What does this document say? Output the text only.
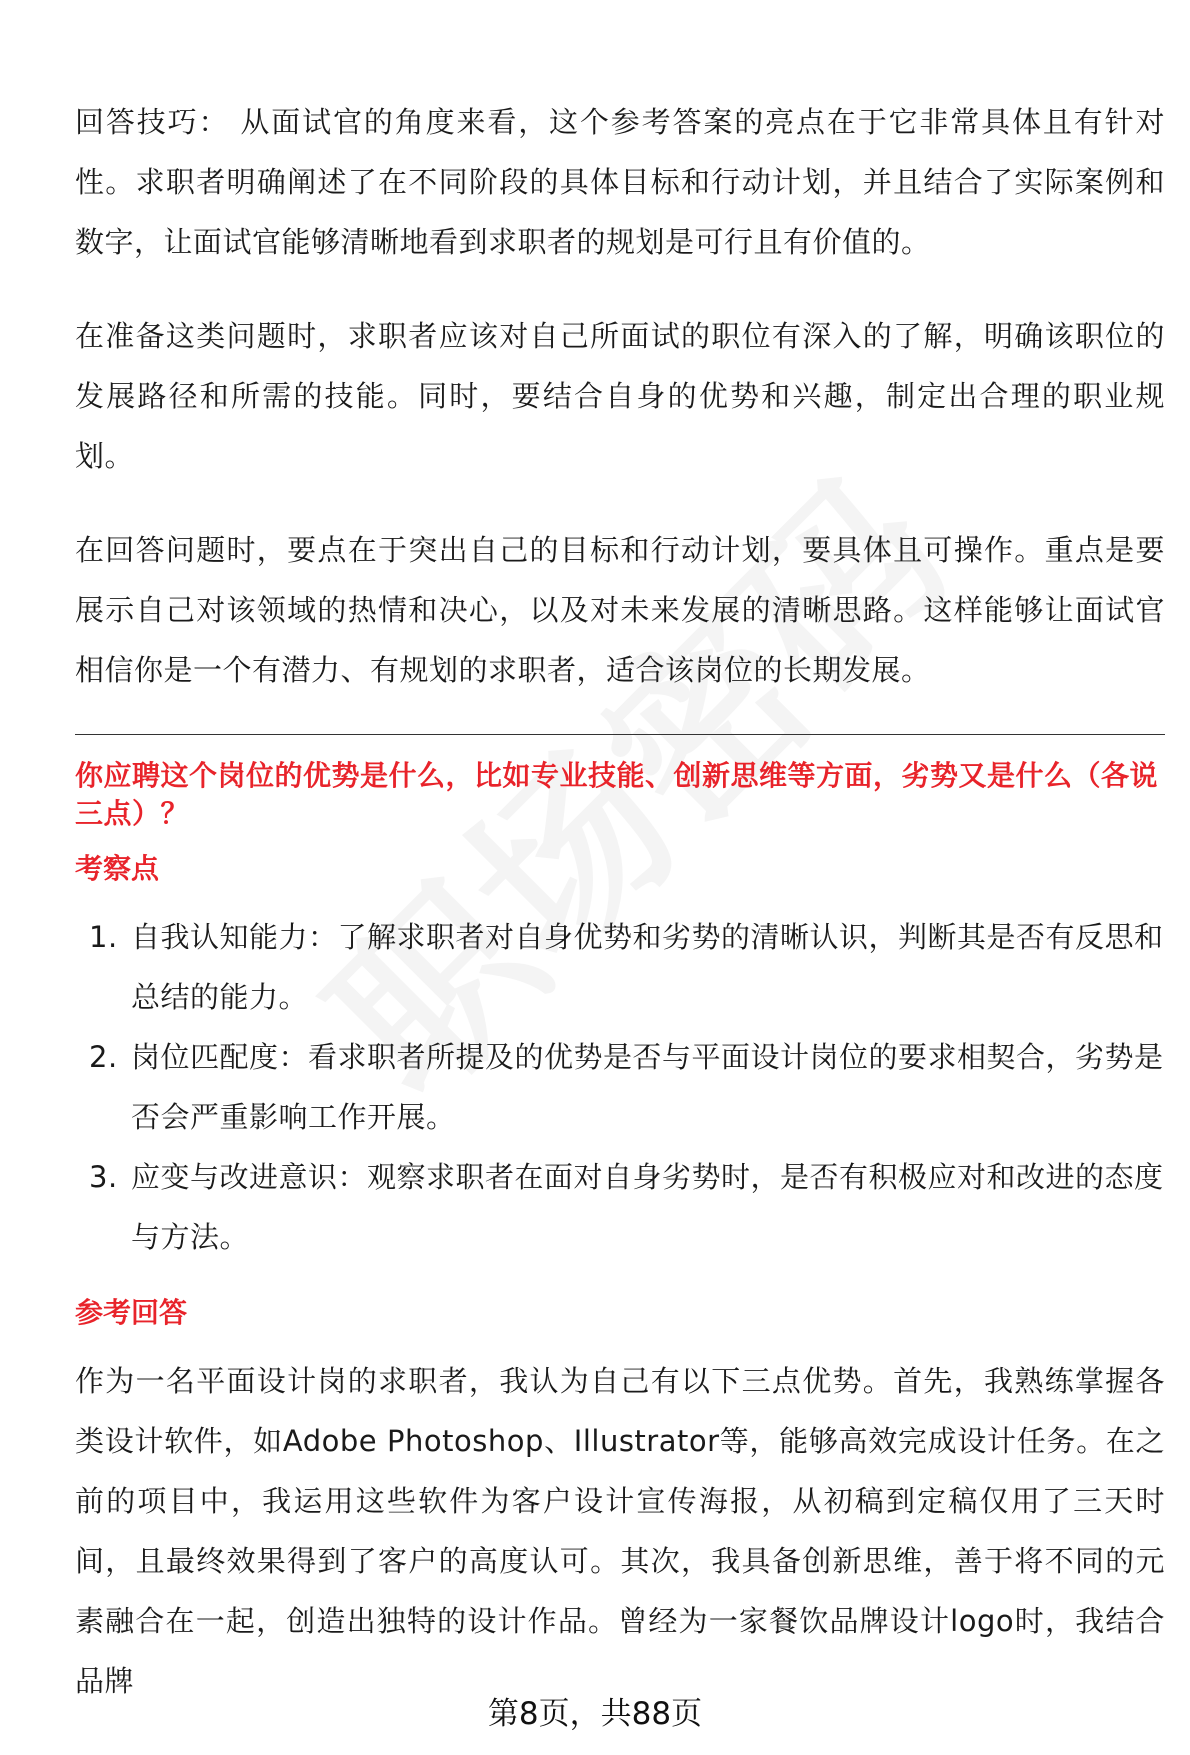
回答技巧： 从面试官的角度来看，这个参考答案的亮点在于它非常具体且有针对性。求职者明确阐述了在不同阶段的具体目标和行动计划，并且结合了实际案例和数字，让面试官能够清晰地看到求职者的规划是可行且有价值的。

在准备这类问题时，求职者应该对自己所面试的职位有深入的了解，明确该职位的发展路径和所需的技能。同时，要结合自身的优势和兴趣，制定出合理的职业规划。

在回答问题时，要点在于突出自己的目标和行动计划，要具体且可操作。重点是要展示自己对该领域的热情和决心，以及对未来发展的清晰思路。这样能够让面试官相信你是一个有潜力、有规划的求职者，适合该岗位的长期发展。

你应聘这个岗位的优势是什么，比如专业技能、创新思维等方面，劣势又是什么（各说三点）？
考察点
1. 自我认知能力：了解求职者对自身优势和劣势的清晰认识，判断其是否有反思和总结的能力。
2. 岗位匹配度：看求职者所提及的优势是否与平面设计岗位的要求相契合，劣势是否会严重影响工作开展。
3. 应变与改进意识：观察求职者在面对自身劣势时，是否有积极应对和改进的态度与方法。
参考回答

作为一名平面设计岗的求职者，我认为自己有以下三点优势。首先，我熟练掌握各类设计软件，如Adobe Photoshop、Illustrator等，能够高效完成设计任务。在之前的项目中，我运用这些软件为客户设计宣传海报，从初稿到定稿仅用了三天时间，且最终效果得到了客户的高度认可。其次，我具备创新思维，善于将不同的元素融合在一起，创造出独特的设计作品。曾经为一家餐饮品牌设计logo时，我结合品牌

第8页，共88页
